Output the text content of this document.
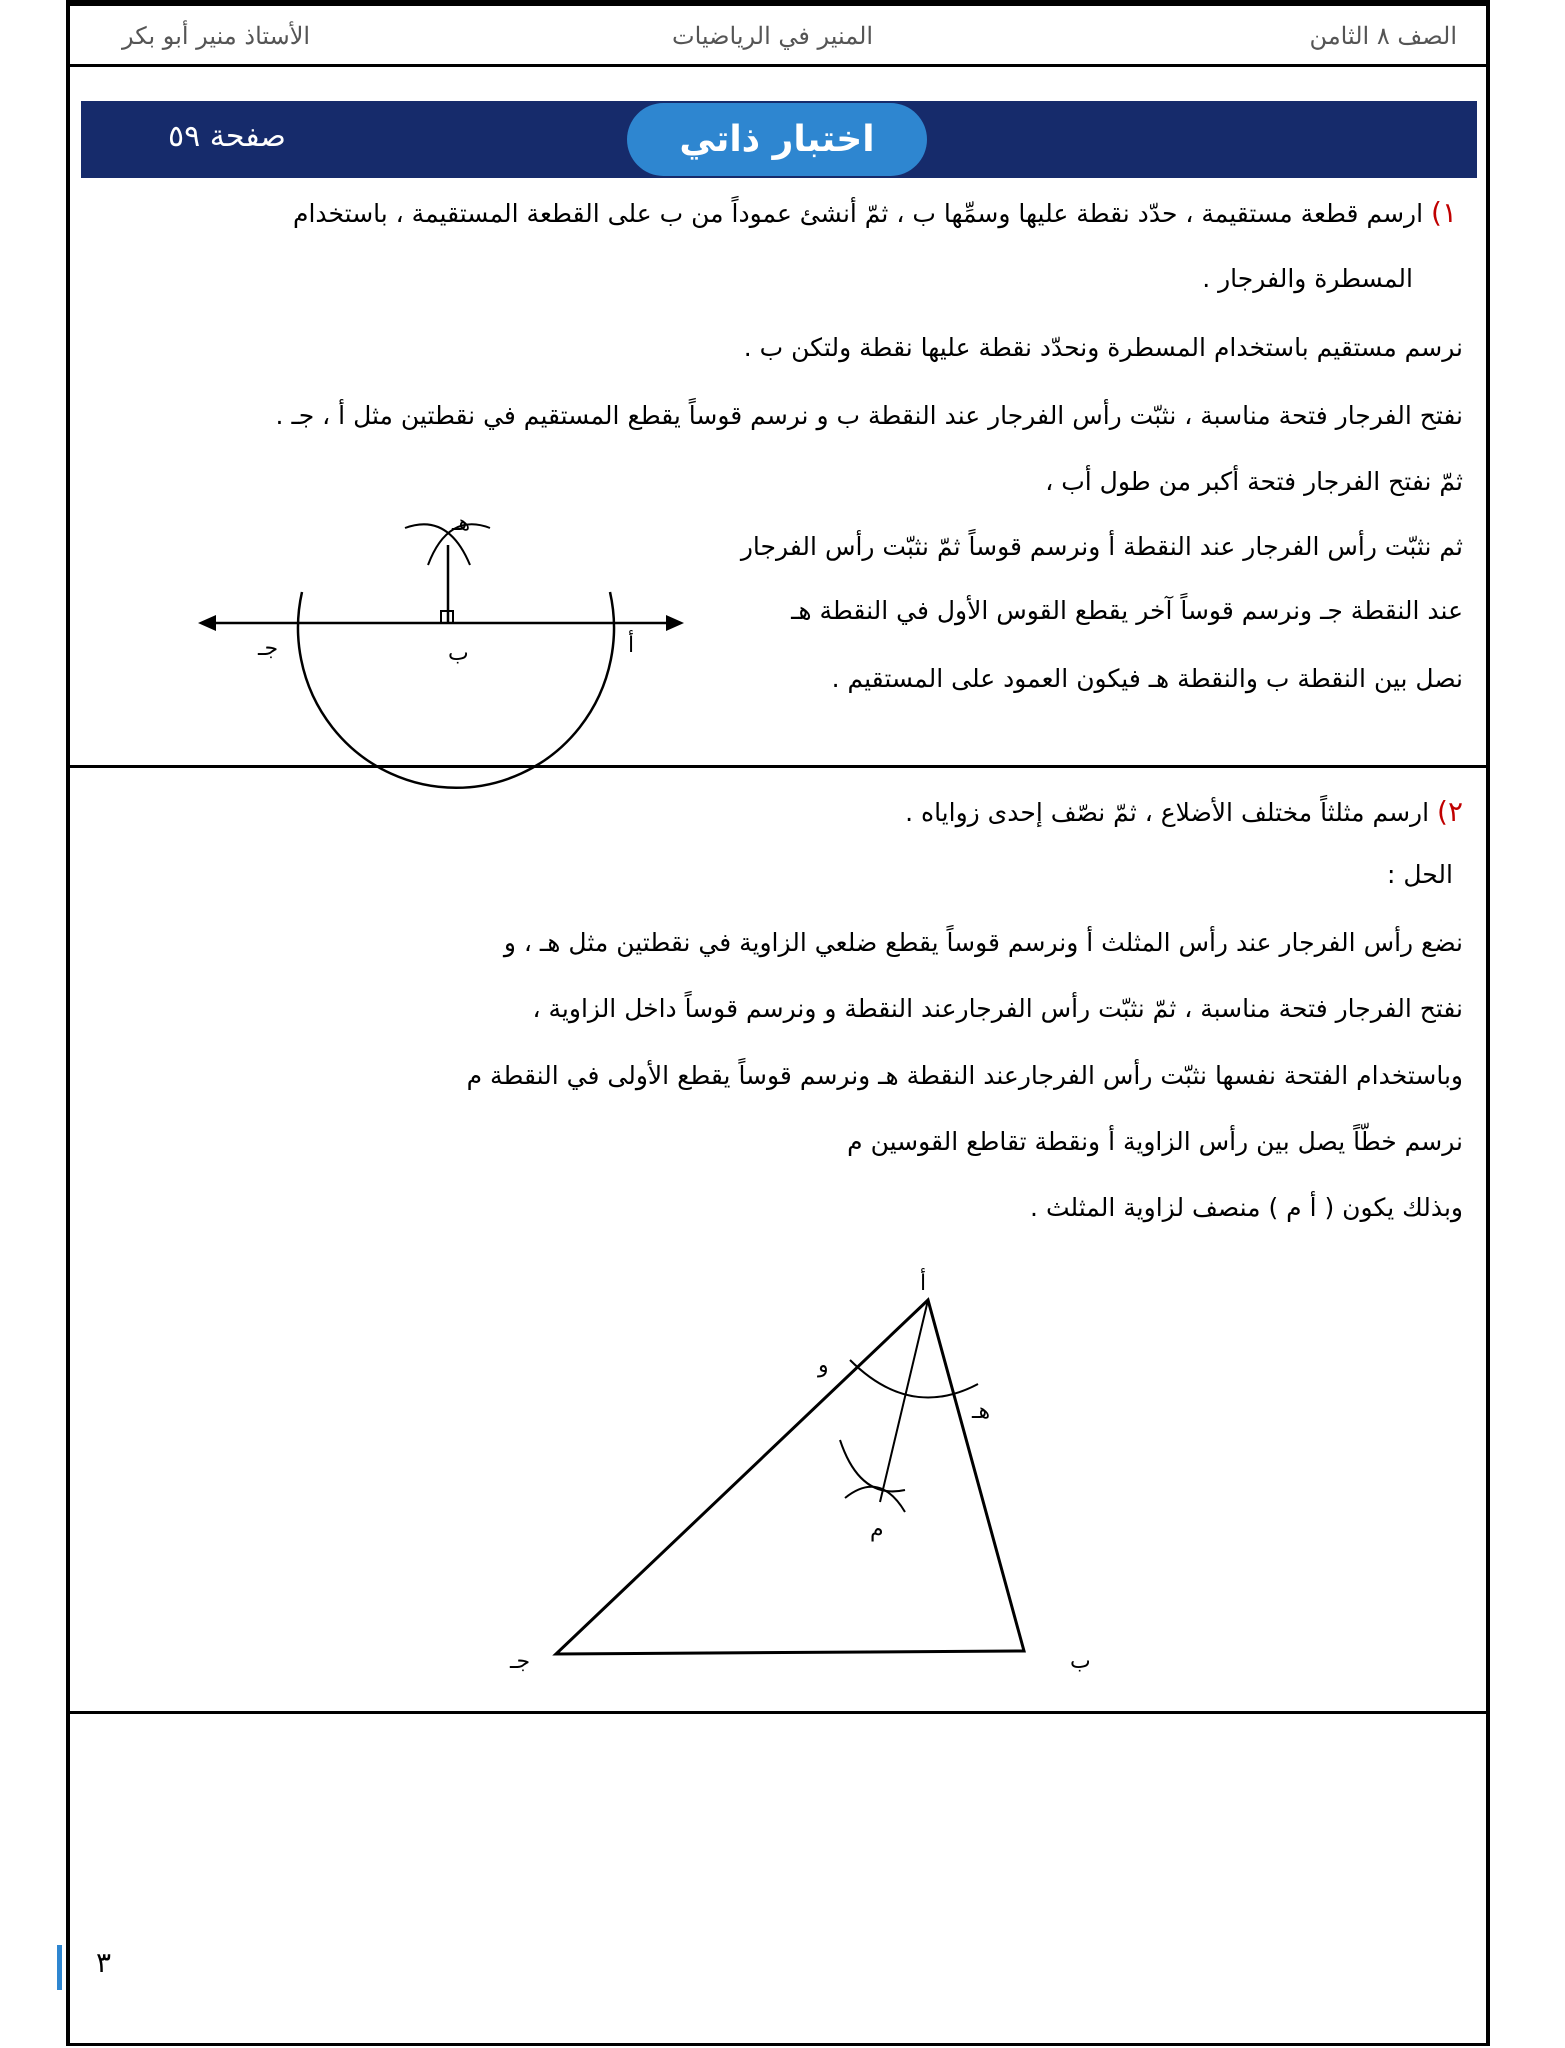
الصف ٨ الثامن
المنير في الرياضيات
الأستاذ منير أبو بكر
اختبار ذاتي
صفحة ٥٩
١) ارسم قطعة مستقيمة ، حدّد نقطة عليها وسمِّها ب ، ثمّ أنشئ عموداً من ب على القطعة المستقيمة ، باستخدام
المسطرة والفرجار .
نرسم مستقيم باستخدام المسطرة ونحدّد نقطة عليها نقطة ولتكن ب .
نفتح الفرجار فتحة مناسبة ، نثبّت رأس الفرجار عند النقطة ب و نرسم قوساً يقطع المستقيم في نقطتين مثل أ ، جـ .
ثمّ نفتح الفرجار فتحة أكبر من طول أب ،
ثم نثبّت رأس الفرجار عند النقطة أ ونرسم قوساً ثمّ نثبّت رأس الفرجار
عند النقطة جـ ونرسم قوساً آخر يقطع القوس الأول في النقطة هـ
نصل بين النقطة ب والنقطة هـ فيكون العمود على المستقيم .
هـ
ب	أ
جـ
٢) ارسم مثلثاً مختلف الأضلاع ، ثمّ نصّف إحدى زواياه .
الحل :
نضع رأس الفرجار عند رأس المثلث أ ونرسم قوساً يقطع ضلعي الزاوية في نقطتين مثل هـ ، و
نفتح الفرجار فتحة مناسبة ، ثمّ نثبّت رأس الفرجارعند النقطة و ونرسم قوساً داخل الزاوية ،
وباستخدام الفتحة نفسها نثبّت رأس الفرجارعند النقطة هـ ونرسم قوساً يقطع الأولى في النقطة م
نرسم خطّاً يصل بين رأس الزاوية أ ونقطة تقاطع القوسين م
وبذلك يكون ( أ م ) منصف لزاوية المثلث .
أ
و
هـ
م
ب
جـ
٣
